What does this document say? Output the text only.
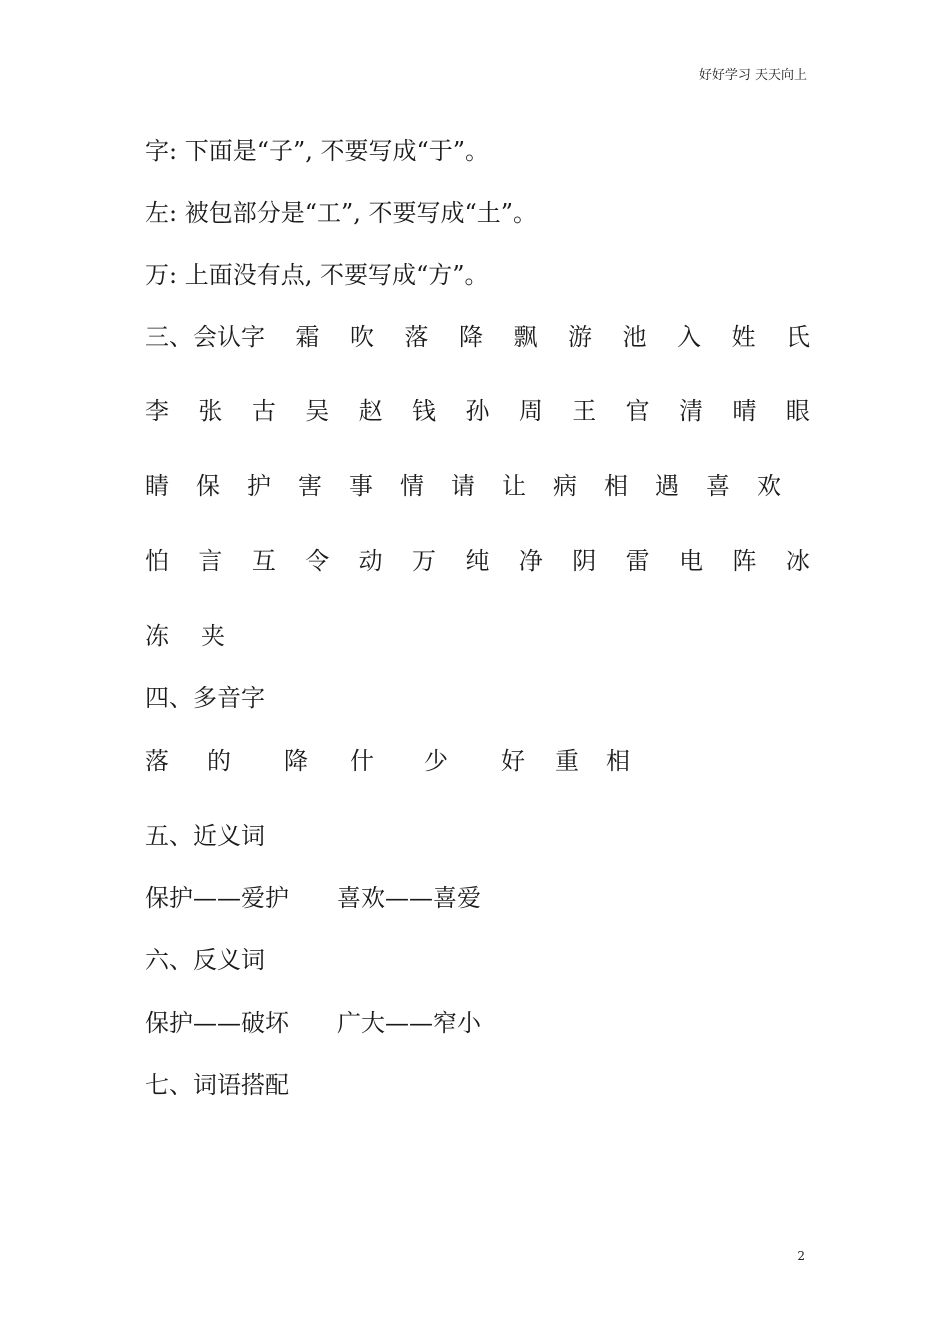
好好学习 天天向上
字: 下面是“子”, 不要写成“于”。
左: 被包部分是“工”, 不要写成“土”。
万: 上面没有点, 不要写成“方”。
三、会认字 霜 吹 落 降 飘 游 池 入 姓 氏
李 张 古 吴 赵 钱 孙 周 王 官 清 晴 眼
睛 保 护 害 事 情 请 让 病 相 遇 喜 欢
怕 言 互 令 动 万 纯 净 阴 雷 电 阵 冰
冻 夹
四、多音字
落 的 降 什 少 好 重 相
五、近义词
保护——爱护　　喜欢——喜爱
六、反义词
保护——破坏　　广大——窄小
七、词语搭配
2
